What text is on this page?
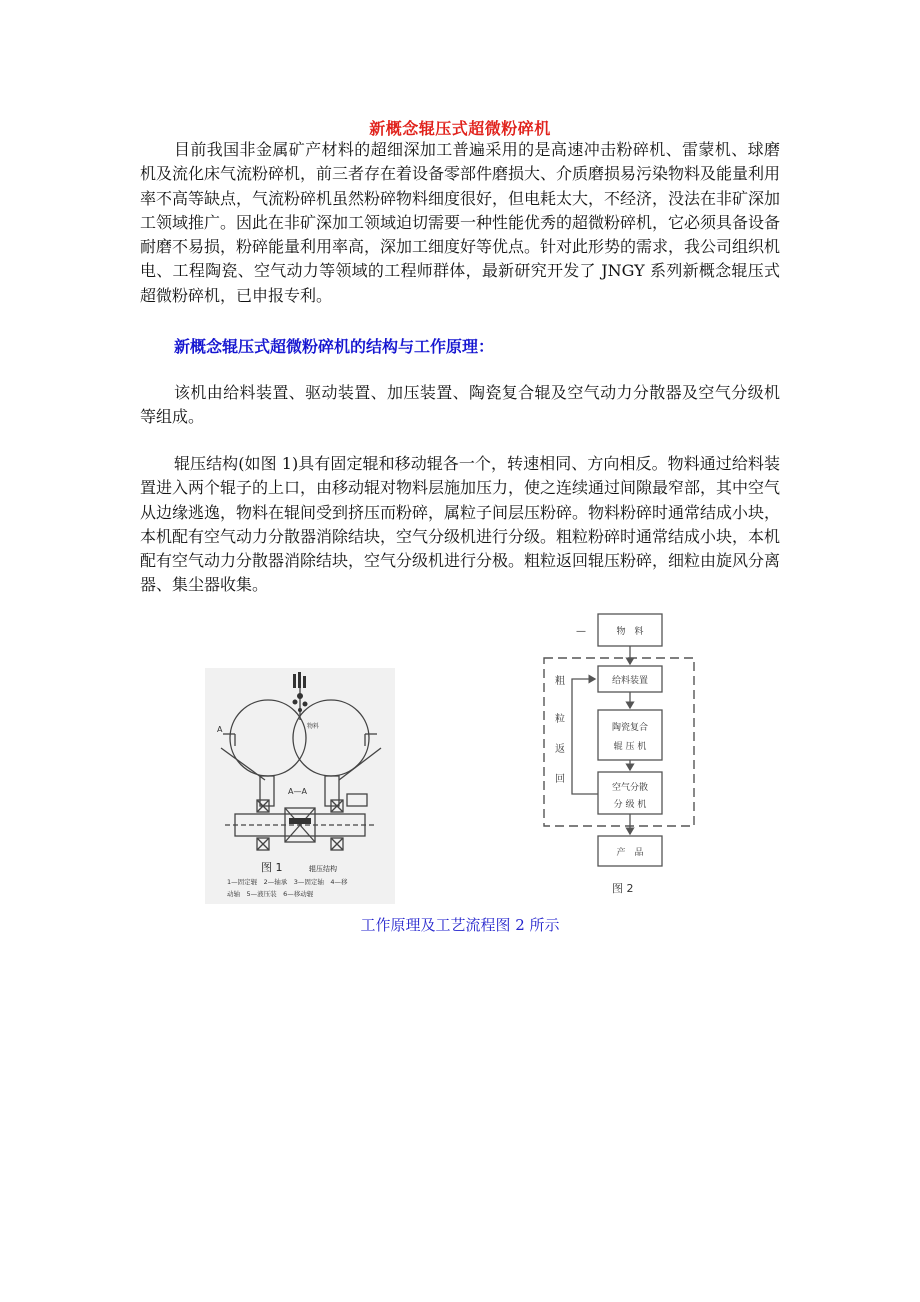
新概念辊压式超微粉碎机

目前我国非金属矿产材料的超细深加工普遍采用的是高速冲击粉碎机、雷蒙机、球磨机及流化床气流粉碎机，前三者存在着设备零部件磨损大、介质磨损易污染物料及能量利用率不高等缺点，气流粉碎机虽然粉碎物料细度很好，但电耗太大，不经济，没法在非矿深加工领域推广。因此在非矿深加工领域迫切需要一种性能优秀的超微粉碎机，它必须具备设备耐磨不易损，粉碎能量利用率高，深加工细度好等优点。针对此形势的需求，我公司组织机电、工程陶瓷、空气动力等领域的工程师群体，最新研究开发了 JNGY 系列新概念辊压式超微粉碎机，已申报专利。

新概念辊压式超微粉碎机的结构与工作原理：

该机由给料装置、驱动装置、加压装置、陶瓷复合辊及空气动力分散器及空气分级机等组成。

辊压结构(如图 1)具有固定辊和移动辊各一个，转速相同、方向相反。物料通过给料装置进入两个辊子的上口，由移动辊对物料层施加压力，使之连续通过间隙最窄部，其中空气从边缘逃逸，物料在辊间受到挤压而粉碎，属粒子间层压粉碎。物料粉碎时通常结成小块，本机配有空气动力分散器消除结块，空气分级机进行分级。粗粒粉碎时通常结成小块，本机配有空气动力分散器消除结块，空气分级机进行分极。粗粒返回辊压粉碎，细粒由旋风分离器、集尘器收集。

A
A—A
物料
图 1	辊压结构
1—固定辊　2—轴承　3—固定轴　4—移
动轴　5—液压装　6—移动辊
—	物　料
给料装置
陶瓷复合
辊 压 机
空气分散
分 级 机
产　品
粗
粒
返
回
图 2
工作原理及工艺流程图 2 所示
